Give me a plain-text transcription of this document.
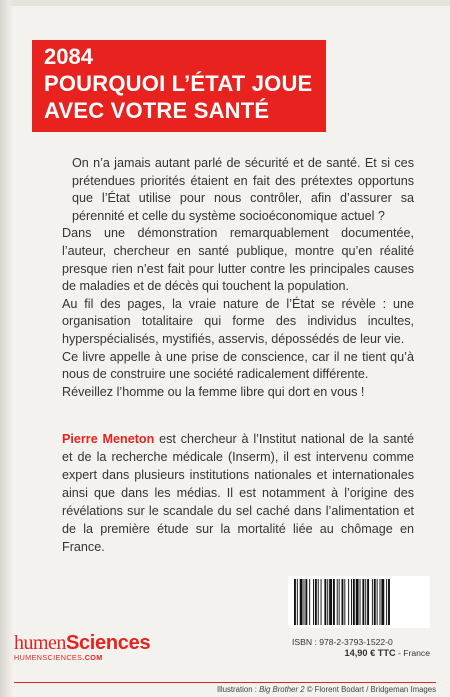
2084
POURQUOI L’ÉTAT JOUE
AVEC VOTRE SANTÉ

On n’a jamais autant parlé de sécurité et de santé. Et si ces prétendues priorités étaient en fait des prétextes opportuns que l’État utilise pour nous contrôler, afin d’assurer sa pérennité et celle du système socioéconomique actuel ?

Dans une démonstration remarquablement documentée, l’auteur, chercheur en santé publique, montre qu’en réalité presque rien n’est fait pour lutter contre les principales causes de maladies et de décès qui touchent la population.

Au fil des pages, la vraie nature de l’État se révèle : une organisation totalitaire qui forme des individus incultes, hyperspécialisés, mystifiés, asservis, dépossédés de leur vie.

Ce livre appelle à une prise de conscience, car il ne tient qu’à nous de construire une société radicalement différente.

Réveillez l’homme ou la femme libre qui dort en vous !

Pierre Meneton est chercheur à l’Institut national de la santé et de la recherche médicale (Inserm), il est intervenu comme expert dans plusieurs institutions nationales et internationales ainsi que dans les médias. Il est notamment à l’origine des révélations sur le scandale du sel caché dans l’alimentation et de la première étude sur la mortalité liée au chômage en France.
ISBN : 978-2-3793-1522-0
14,90 € TTC - France
humenSciences
HUMENSCIENCES.COM
Illustration : Big Brother 2 © Florent Bodart / Bridgeman Images
